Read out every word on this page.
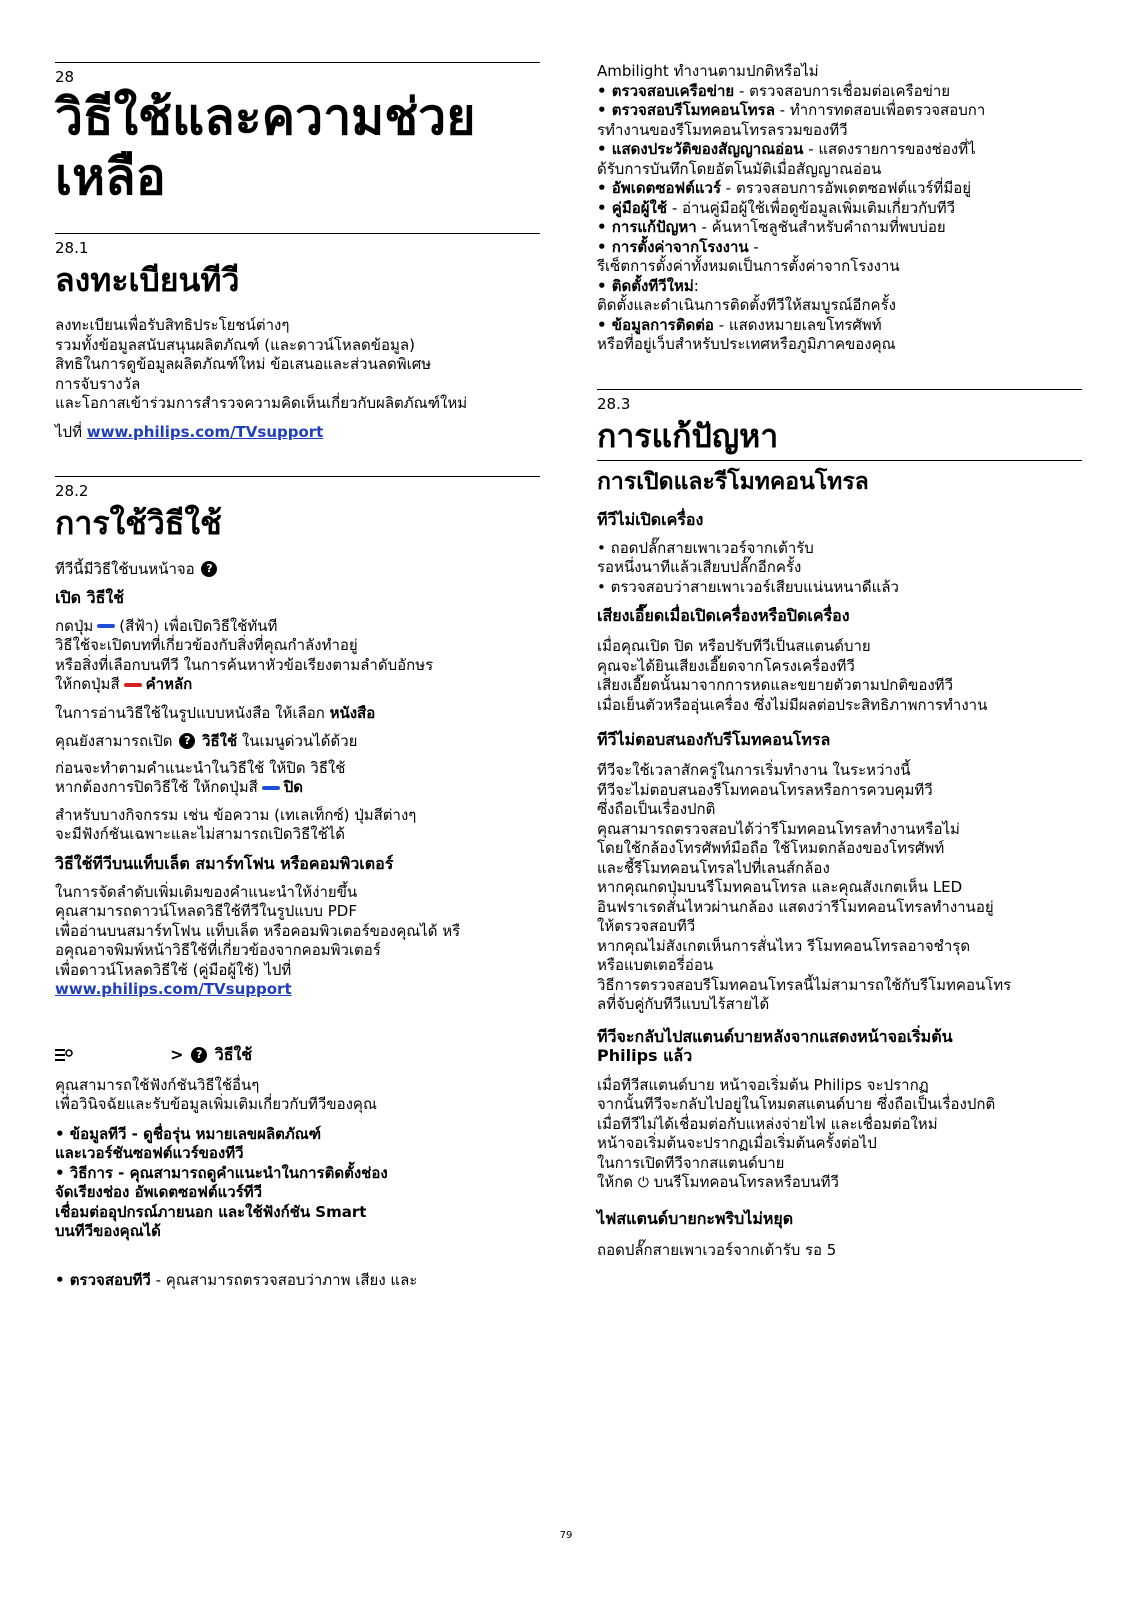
28
วิธีใช้และความช่วย
เหลือ
28.1
ลงทะเบียนทีวี
ลงทะเบียนเพื่อรับสิทธิประโยชน์ต่างๆ
รวมทั้งข้อมูลสนับสนุนผลิตภัณฑ์ (และดาวน์โหลดข้อมูล)
สิทธิในการดูข้อมูลผลิตภัณฑ์ใหม่ ข้อเสนอและส่วนลดพิเศษ
การจับรางวัล
และโอกาสเข้าร่วมการสำรวจความคิดเห็นเกี่ยวกับผลิตภัณฑ์ใหม่

ไปที่ www.philips.com/TVsupport

28.2
การใช้วิธีใช้

ทีวีนี้มีวิธีใช้บนหน้าจอ ?

เปิด วิธีใช้
กดปุ่ม (สีฟ้า) เพื่อเปิดวิธีใช้ทันที
วิธีใช้จะเปิดบทที่เกี่ยวข้องกับสิ่งที่คุณกำลังทำอยู่
หรือสิ่งที่เลือกบนทีวี ในการค้นหาหัวข้อเรียงตามลำดับอักษร
ให้กดปุ่มสี คำหลัก

ในการอ่านวิธีใช้ในรูปแบบหนังสือ ให้เลือก หนังสือ

คุณยังสามารถเปิด ? วิธีใช้ ในเมนูด่วนได้ด้วย

ก่อนจะทำตามคำแนะนำในวิธีใช้ ให้ปิด วิธีใช้
หากต้องการปิดวิธีใช้ ให้กดปุ่มสี ปิด
สำหรับบางกิจกรรม เช่น ข้อความ (เทเลเท็กซ์) ปุ่มสีต่างๆ
จะมีฟังก์ชันเฉพาะและไม่สามารถเปิดวิธีใช้ได้
วิธีใช้ทีวีบนแท็บเล็ต สมาร์ทโฟน หรือคอมพิวเตอร์
ในการจัดลำดับเพิ่มเติมของคำแนะนำให้ง่ายขึ้น
คุณสามารถดาวน์โหลดวิธีใช้ทีวีในรูปแบบ PDF
เพื่ออ่านบนสมาร์ทโฟน แท็บเล็ต หรือคอมพิวเตอร์ของคุณได้ หรื
อคุณอาจพิมพ์หน้าวิธีใช้ที่เกี่ยวข้องจากคอมพิวเตอร์
เพื่อดาวน์โหลดวิธีใช้ (คู่มือผู้ใช้) ไปที่
www.philips.com/TVsupport
> ? วิธีใช้
คุณสามารถใช้ฟังก์ชันวิธีใช้อื่นๆ
เพื่อวินิจฉัยและรับข้อมูลเพิ่มเติมเกี่ยวกับทีวีของคุณ
• ข้อมูลทีวี - ดูชื่อรุ่น หมายเลขผลิตภัณฑ์
และเวอร์ชันซอฟต์แวร์ของทีวี
• วิธีการ - คุณสามารถดูคำแนะนำในการติดตั้งช่อง
จัดเรียงช่อง อัพเดตซอฟต์แวร์ทีวี
เชื่อมต่ออุปกรณ์ภายนอก และใช้ฟังก์ชัน Smart
บนทีวีของคุณได้

• ตรวจสอบทีวี - คุณสามารถตรวจสอบว่าภาพ เสียง และ

Ambilight ทำงานตามปกติหรือไม่
• ตรวจสอบเครือข่าย - ตรวจสอบการเชื่อมต่อเครือข่าย
• ตรวจสอบรีโมทคอนโทรล - ทำการทดสอบเพื่อตรวจสอบกา
รทำงานของรีโมทคอนโทรลรวมของทีวี
• แสดงประวัติของสัญญาณอ่อน - แสดงรายการของช่องที่ไ
ด้รับการบันทึกโดยอัตโนมัติเมื่อสัญญาณอ่อน
• อัพเดตซอฟต์แวร์ - ตรวจสอบการอัพเดตซอฟต์แวร์ที่มีอยู่
• คู่มือผู้ใช้ - อ่านคู่มือผู้ใช้เพื่อดูข้อมูลเพิ่มเติมเกี่ยวกับทีวี
• การแก้ปัญหา - ค้นหาโซลูชันสำหรับคำถามที่พบบ่อย
• การตั้งค่าจากโรงงาน -
รีเซ็ตการตั้งค่าทั้งหมดเป็นการตั้งค่าจากโรงงาน
• ติดตั้งทีวีใหม่:
ติดตั้งและดำเนินการติดตั้งทีวีให้สมบูรณ์อีกครั้ง
• ข้อมูลการติดต่อ - แสดงหมายเลขโทรศัพท์
หรือที่อยู่เว็บสำหรับประเทศหรือภูมิภาคของคุณ
28.3
การแก้ปัญหา
การเปิดและรีโมทคอนโทรล
ทีวีไม่เปิดเครื่อง
• ถอดปลั๊กสายเพาเวอร์จากเต้ารับ
รอหนึ่งนาทีแล้วเสียบปลั๊กอีกครั้ง
• ตรวจสอบว่าสายเพาเวอร์เสียบแน่นหนาดีแล้ว
เสียงเอี๊ยดเมื่อเปิดเครื่องหรือปิดเครื่อง
เมื่อคุณเปิด ปิด หรือปรับทีวีเป็นสแตนด์บาย
คุณจะได้ยินเสียงเอี๊ยดจากโครงเครื่องทีวี
เสียงเอี๊ยดนั้นมาจากการหดและขยายตัวตามปกติของทีวี
เมื่อเย็นตัวหรืออุ่นเครื่อง ซึ่งไม่มีผลต่อประสิทธิภาพการทำงาน
ทีวีไม่ตอบสนองกับรีโมทคอนโทรล
ทีวีจะใช้เวลาสักครู่ในการเริ่มทำงาน ในระหว่างนี้
ทีวีจะไม่ตอบสนองรีโมทคอนโทรลหรือการควบคุมทีวี
ซึ่งถือเป็นเรื่องปกติ
คุณสามารถตรวจสอบได้ว่ารีโมทคอนโทรลทำงานหรือไม่
โดยใช้กล้องโทรศัพท์มือถือ ใช้โหมดกล้องของโทรศัพท์
และชี้รีโมทคอนโทรลไปที่เลนส์กล้อง
หากคุณกดปุ่มบนรีโมทคอนโทรล และคุณสังเกตเห็น LED
อินฟราเรดสั่นไหวผ่านกล้อง แสดงว่ารีโมทคอนโทรลทำงานอยู่
ให้ตรวจสอบทีวี
หากคุณไม่สังเกตเห็นการสั่นไหว รีโมทคอนโทรลอาจชำรุด
หรือแบตเตอรี่อ่อน
วิธีการตรวจสอบรีโมทคอนโทรลนี้ไม่สามารถใช้กับรีโมทคอนโทร
ลที่จับคู่กับทีวีแบบไร้สายได้
ทีวีจะกลับไปสแตนด์บายหลังจากแสดงหน้าจอเริ่มต้น
Philips แล้ว
เมื่อทีวีสแตนด์บาย หน้าจอเริ่มต้น Philips จะปรากฏ
จากนั้นทีวีจะกลับไปอยู่ในโหมดสแตนด์บาย ซึ่งถือเป็นเรื่องปกติ
เมื่อทีวีไม่ได้เชื่อมต่อกับแหล่งจ่ายไฟ และเชื่อมต่อใหม่
หน้าจอเริ่มต้นจะปรากฏเมื่อเริ่มต้นครั้งต่อไป
ในการเปิดทีวีจากสแตนด์บาย
ให้กด ⏻ บนรีโมทคอนโทรลหรือบนทีวี
ไฟสแตนด์บายกะพริบไม่หยุด

ถอดปลั๊กสายเพาเวอร์จากเต้ารับ รอ 5

79
